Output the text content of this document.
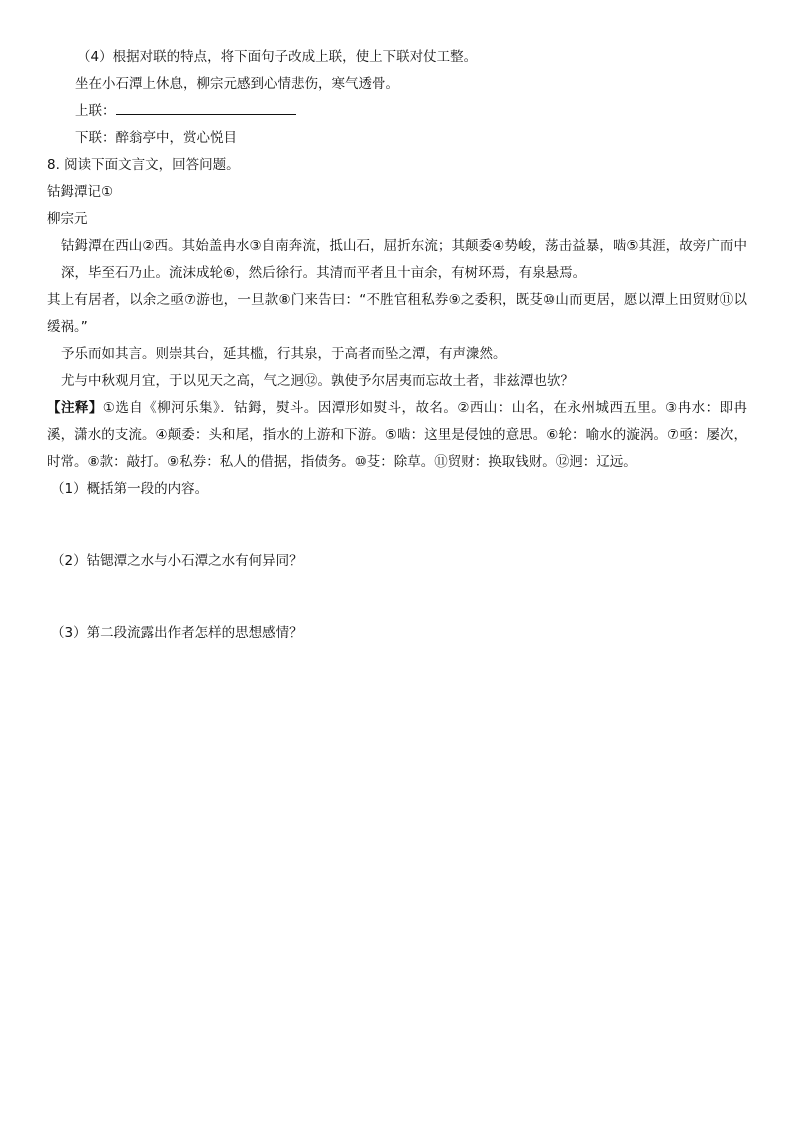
（4）根据对联的特点，将下面句子改成上联，使上下联对仗工整。
坐在小石潭上休息，柳宗元感到心情悲伤，寒气透骨。
上联：
下联：醉翁亭中，赏心悦目
8. 阅读下面文言文，回答问题。
钴鉧潭记①
柳宗元
钴鉧潭在西山②西。其始盖冉水③自南奔流，抵山石，屈折东流；其颠委④势峻，荡击益暴，啮⑤其涯，故旁广而中深，毕至石乃止。流沫成轮⑥，然后徐行。其清而平者且十亩余，有树环焉，有泉悬焉。
其上有居者，以余之亟⑦游也，一旦款⑧门来告曰：“不胜官租私券⑨之委积，既芟⑩山而更居，愿以潭上田贸财⑪以缓祸。”
予乐而如其言。则崇其台，延其槛，行其泉，于高者而坠之潭，有声潨然。
尤与中秋观月宜，于以见天之高，气之迥⑫。孰使予尔居夷而忘故土者，非兹潭也欤？
【注释】①选自《柳河乐集》．钴鉧，熨斗。因潭形如熨斗，故名。②西山：山名，在永州城西五里。③冉水：即冉溪，潇水的支流。④颠委：头和尾，指水的上游和下游。⑤啮：这里是侵蚀的意思。⑥轮：喻水的漩涡。⑦亟：屡次，时常。⑧款：敲打。⑨私券：私人的借据，指债务。⑩芟：除草。⑪贸财：换取钱财。⑫迥：辽远。
（1）概括第一段的内容。
（2）钴锶潭之水与小石潭之水有何异同？
（3）第二段流露出作者怎样的思想感情？
